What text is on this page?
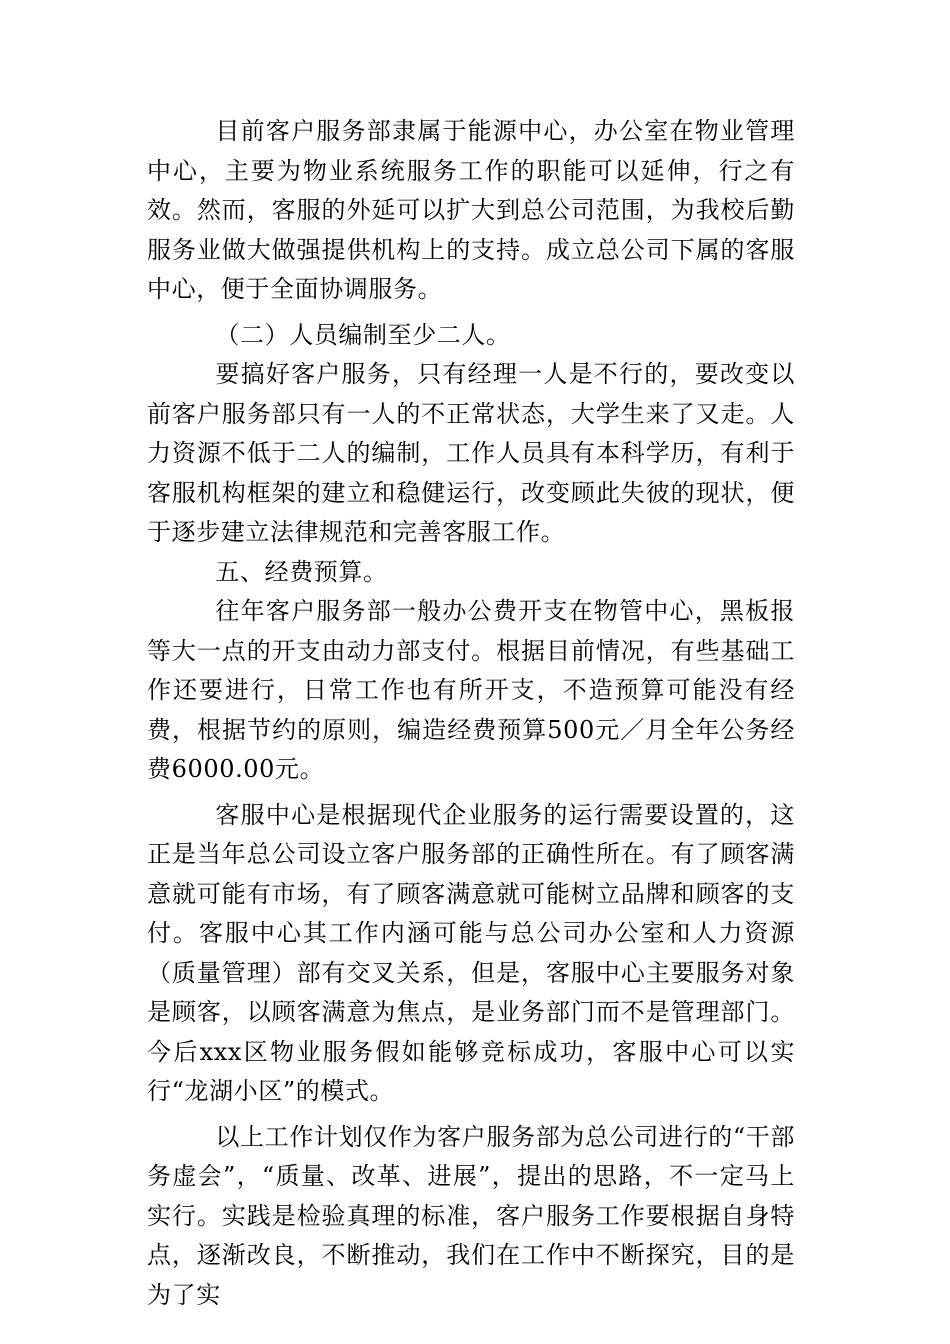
目前客户服务部隶属于能源中心，办公室在物业管理中心，主要为物业系统服务工作的职能可以延伸，行之有效。然而，客服的外延可以扩大到总公司范围，为我校后勤服务业做大做强提供机构上的支持。成立总公司下属的客服中心，便于全面协调服务。

（二）人员编制至少二人。

要搞好客户服务，只有经理一人是不行的，要改变以前客户服务部只有一人的不正常状态，大学生来了又走。人力资源不低于二人的编制，工作人员具有本科学历，有利于客服机构框架的建立和稳健运行，改变顾此失彼的现状，便于逐步建立法律规范和完善客服工作。

五、经费预算。

往年客户服务部一般办公费开支在物管中心，黑板报等大一点的开支由动力部支付。根据目前情况，有些基础工作还要进行，日常工作也有所开支，不造预算可能没有经费，根据节约的原则，编造经费预算500元／月全年公务经费6000.00元。

客服中心是根据现代企业服务的运行需要设置的，这正是当年总公司设立客户服务部的正确性所在。有了顾客满意就可能有市场，有了顾客满意就可能树立品牌和顾客的支付。客服中心其工作内涵可能与总公司办公室和人力资源（质量管理）部有交叉关系，但是，客服中心主要服务对象是顾客，以顾客满意为焦点，是业务部门而不是管理部门。今后xxx区物业服务假如能够竞标成功，客服中心可以实行“龙湖小区”的模式。

以上工作计划仅作为客户服务部为总公司进行的“干部务虚会”，“质量、改革、进展”，提出的思路，不一定马上实行。实践是检验真理的标准，客户服务工作要根据自身特点，逐渐改良，不断推动，我们在工作中不断探究，目的是为了实
